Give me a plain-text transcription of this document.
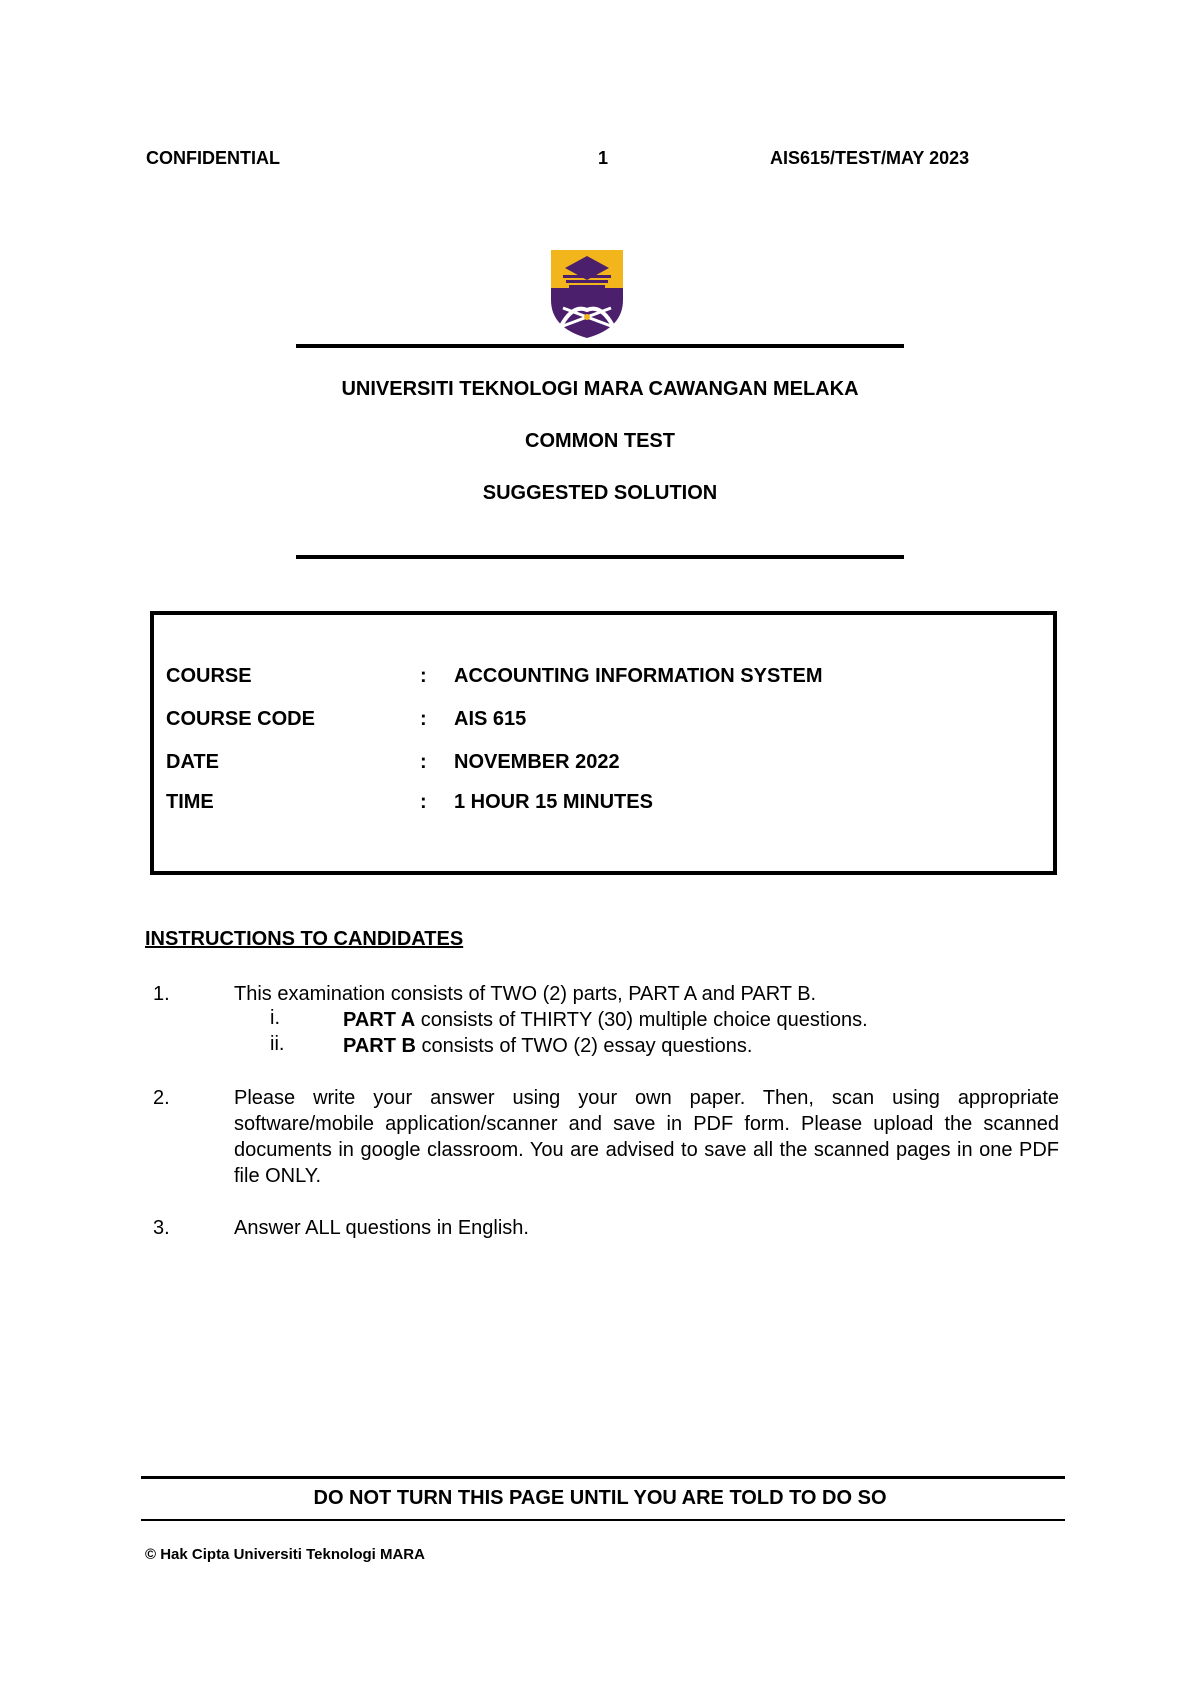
CONFIDENTIAL	1	AIS615/TEST/MAY 2023
UNIVERSITI TEKNOLOGI MARA CAWANGAN MELAKA
COMMON TEST
SUGGESTED SOLUTION
COURSE	: ACCOUNTING INFORMATION SYSTEM
COURSE CODE	: AIS 615
DATE	: NOVEMBER 2022
TIME	: 1 HOUR 15 MINUTES
INSTRUCTIONS TO CANDIDATES
1.	This examination consists of TWO (2) parts, PART A and PART B.
i.	PART A consists of THIRTY (30) multiple choice questions.
ii.	PART B consists of TWO (2) essay questions.
2.	Please write your answer using your own paper. Then, scan using appropriate software/mobile application/scanner and save in PDF form. Please upload the scanned documents in google classroom. You are advised to save all the scanned pages in one PDF file ONLY.
3.	Answer ALL questions in English.
DO NOT TURN THIS PAGE UNTIL YOU ARE TOLD TO DO SO
© Hak Cipta Universiti Teknologi MARA
